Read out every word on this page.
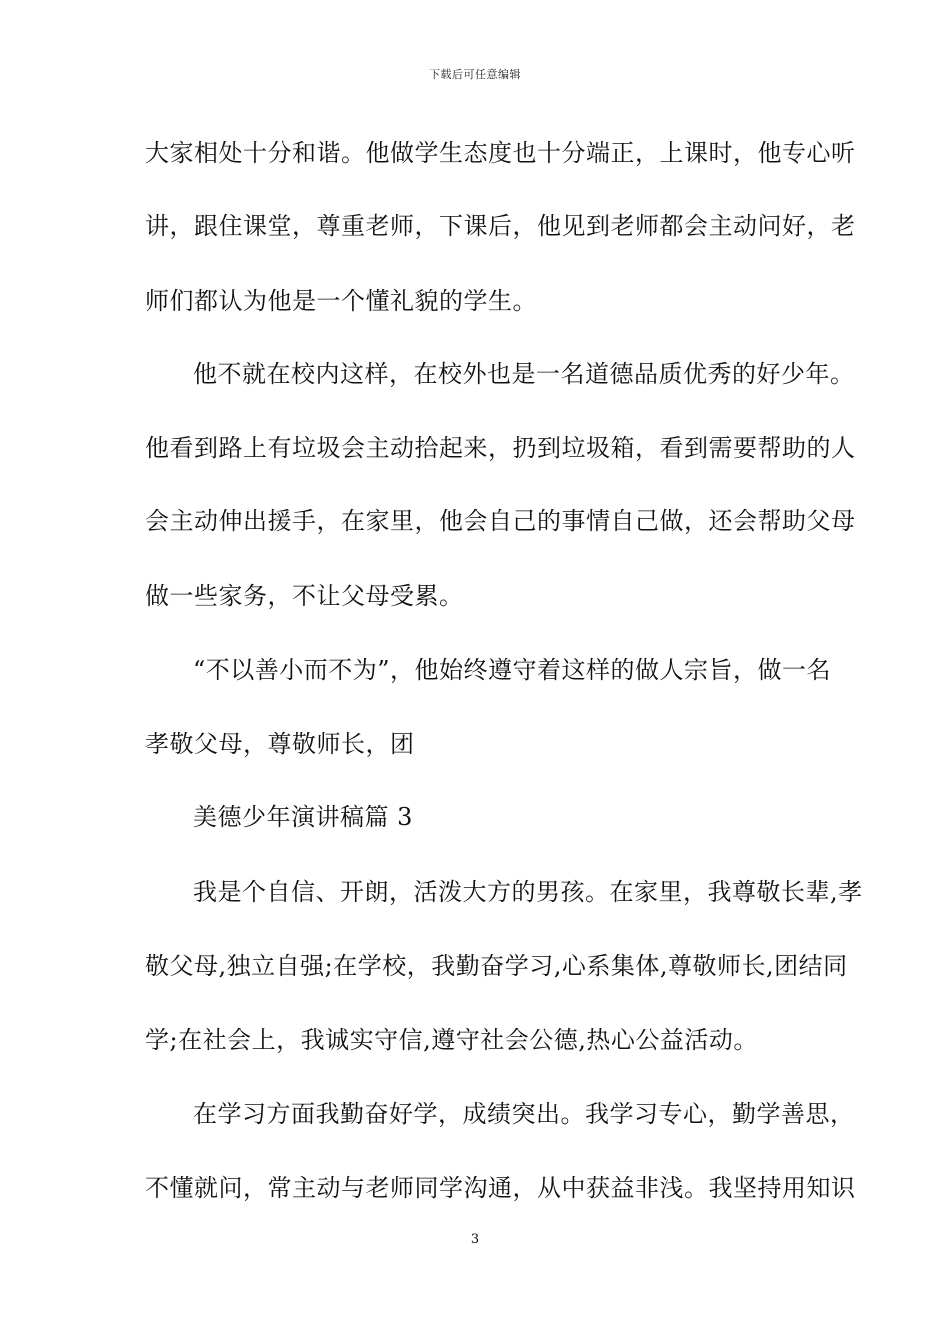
下载后可任意编辑
大家相处十分和谐。他做学生态度也十分端正，上课时，他专心听
讲，跟住课堂，尊重老师，下课后，他见到老师都会主动问好，老
师们都认为他是一个懂礼貌的学生。
他不就在校内这样，在校外也是一名道德品质优秀的好少年。
他看到路上有垃圾会主动拾起来，扔到垃圾箱，看到需要帮助的人
会主动伸出援手，在家里，他会自己的事情自己做，还会帮助父母
做一些家务，不让父母受累。
“不以善小而不为”，他始终遵守着这样的做人宗旨，做一名
孝敬父母，尊敬师长，团
美德少年演讲稿篇 3
我是个自信、开朗，活泼大方的男孩。在家里，我尊敬长辈,孝
敬父母,独立自强;在学校，我勤奋学习,心系集体,尊敬师长,团结同
学;在社会上，我诚实守信,遵守社会公德,热心公益活动。
在学习方面我勤奋好学，成绩突出。我学习专心，勤学善思，
不懂就问，常主动与老师同学沟通，从中获益非浅。我坚持用知识
3
